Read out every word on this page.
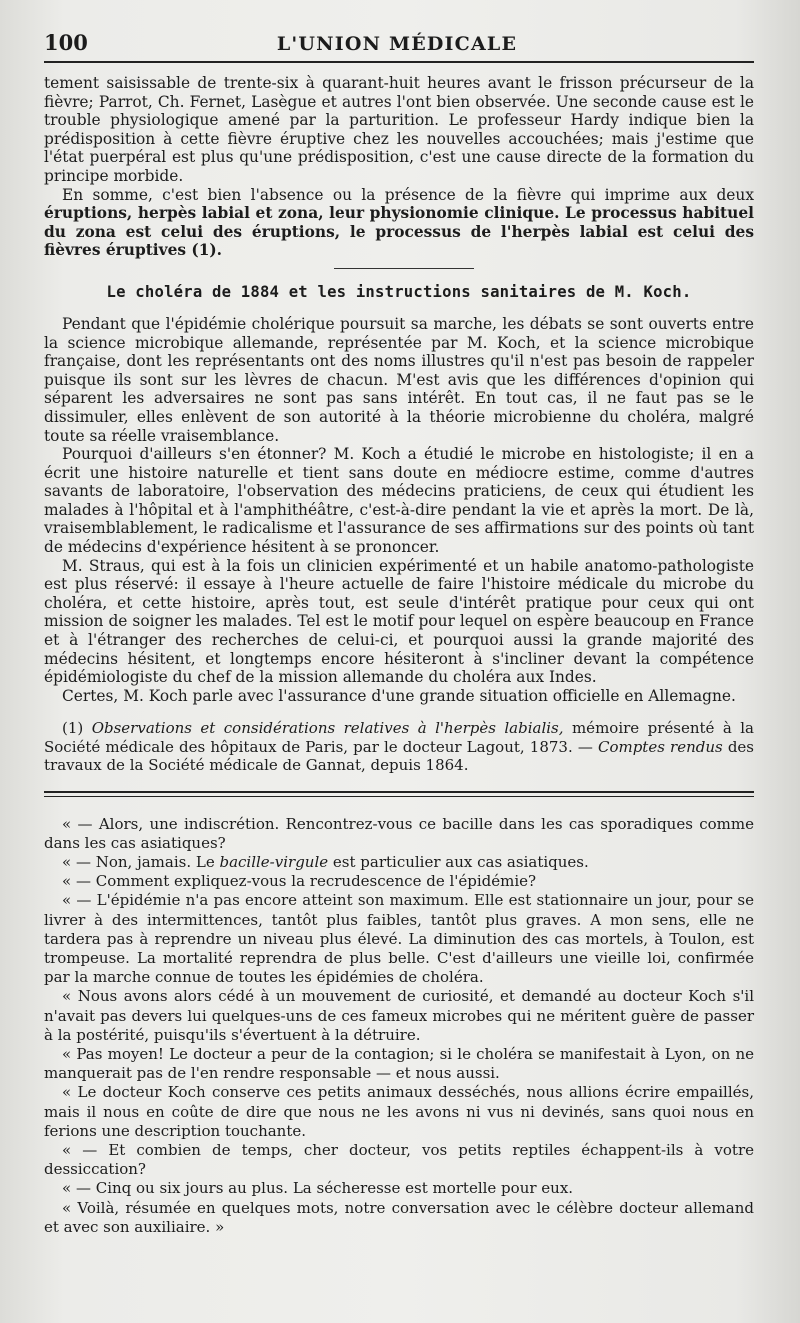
100	L'UNION MÉDICALE

tement saisissable de trente-six à quarant-huit heures avant le frisson précurseur de la fièvre; Parrot, Ch. Fernet, Lasègue et autres l'ont bien observée. Une seconde cause est le trouble physiologique amené par la parturition. Le professeur Hardy indique bien la prédisposition à cette fièvre éruptive chez les nouvelles accouchées; mais j'estime que l'état puerpéral est plus qu'une prédisposition, c'est une cause directe de la formation du principe morbide.

En somme, c'est bien l'absence ou la présence de la fièvre qui imprime aux deux éruptions, herpès labial et zona, leur physionomie clinique. Le processus habituel du zona est celui des éruptions, le processus de l'herpès labial est celui des fièvres éruptives (1).

Le choléra de 1884 et les instructions sanitaires de M. Koch.

Pendant que l'épidémie cholérique poursuit sa marche, les débats se sont ouverts entre la science microbique allemande, représentée par M. Koch, et la science microbique française, dont les représentants ont des noms illustres qu'il n'est pas besoin de rappeler puisque ils sont sur les lèvres de chacun. M'est avis que les différences d'opinion qui séparent les adversaires ne sont pas sans intérêt. En tout cas, il ne faut pas se le dissimuler, elles enlèvent de son autorité à la théorie microbienne du choléra, malgré toute sa réelle vraisemblance.

Pourquoi d'ailleurs s'en étonner? M. Koch a étudié le microbe en histologiste; il en a écrit une histoire naturelle et tient sans doute en médiocre estime, comme d'autres savants de laboratoire, l'observation des médecins praticiens, de ceux qui étudient les malades à l'hôpital et à l'amphithéâtre, c'est-à-dire pendant la vie et après la mort. De là, vraisemblablement, le radicalisme et l'assurance de ses affirmations sur des points où tant de médecins d'expérience hésitent à se prononcer.

M. Straus, qui est à la fois un clinicien expérimenté et un habile anatomo-pathologiste est plus réservé: il essaye à l'heure actuelle de faire l'histoire médicale du microbe du choléra, et cette histoire, après tout, est seule d'intérêt pratique pour ceux qui ont mission de soigner les malades. Tel est le motif pour lequel on espère beaucoup en France et à l'étranger des recherches de celui-ci, et pourquoi aussi la grande majorité des médecins hésitent, et longtemps encore hésiteront à s'incliner devant la compétence épidémiologiste du chef de la mission allemande du choléra aux Indes.

Certes, M. Koch parle avec l'assurance d'une grande situation officielle en Allemagne.

(1) Observations et considérations relatives à l'herpès labialis, mémoire présenté à la Société médicale des hôpitaux de Paris, par le docteur Lagout, 1873. — Comptes rendus des travaux de la Société médicale de Gannat, depuis 1864.

« — Alors, une indiscrétion. Rencontrez-vous ce bacille dans les cas sporadiques comme dans les cas asiatiques?

« — Non, jamais. Le bacille-virgule est particulier aux cas asiatiques.

« — Comment expliquez-vous la recrudescence de l'épidémie?

« — L'épidémie n'a pas encore atteint son maximum. Elle est stationnaire un jour, pour se livrer à des intermittences, tantôt plus faibles, tantôt plus graves. A mon sens, elle ne tardera pas à reprendre un niveau plus élevé. La diminution des cas mortels, à Toulon, est trompeuse. La mortalité reprendra de plus belle. C'est d'ailleurs une vieille loi, confirmée par la marche connue de toutes les épidémies de choléra.

« Nous avons alors cédé à un mouvement de curiosité, et demandé au docteur Koch s'il n'avait pas devers lui quelques-uns de ces fameux microbes qui ne méritent guère de passer à la postérité, puisqu'ils s'évertuent à la détruire.

« Pas moyen! Le docteur a peur de la contagion; si le choléra se manifestait à Lyon, on ne manquerait pas de l'en rendre responsable — et nous aussi.

« Le docteur Koch conserve ces petits animaux desséchés, nous allions écrire empaillés, mais il nous en coûte de dire que nous ne les avons ni vus ni devinés, sans quoi nous en ferions une description touchante.

« — Et combien de temps, cher docteur, vos petits reptiles échappent-ils à votre dessiccation?

« — Cinq ou six jours au plus. La sécheresse est mortelle pour eux.

« Voilà, résumée en quelques mots, notre conversation avec le célèbre docteur allemand et avec son auxiliaire. »
